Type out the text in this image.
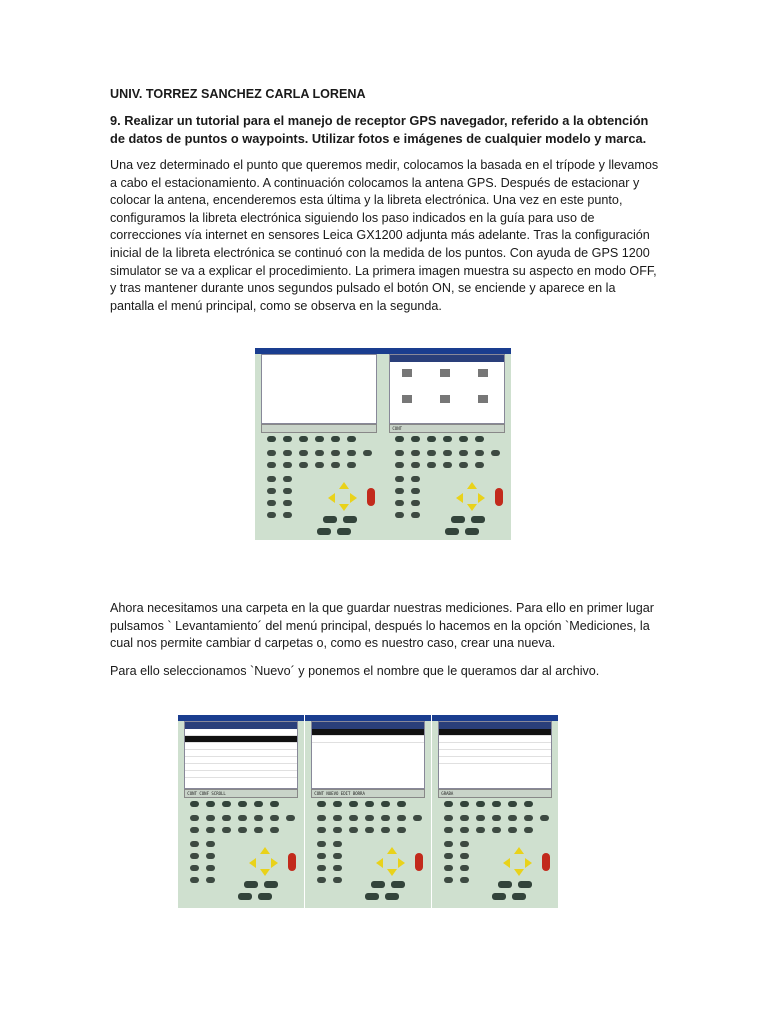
UNIV. TORREZ SANCHEZ CARLA LORENA
9. Realizar un tutorial para el manejo de receptor GPS navegador, referido a la obtención de datos de puntos o waypoints. Utilizar fotos e imágenes de cualquier modelo y marca.

Una vez determinado el punto que queremos medir, colocamos la basada en el trípode y llevamos a cabo el estacionamiento. A continuación colocamos la antena GPS. Después de estacionar y colocar la antena, encenderemos esta última y la libreta electrónica. Una vez en este punto, configuramos la libreta electrónica siguiendo los paso indicados en la guía para uso de correcciones vía internet en sensores Leica GX1200 adjunta más adelante. Tras la configuración inicial de la libreta electrónica se continuó con la medida de los puntos. Con ayuda de GPS 1200 simulator se va a explicar el procedimiento. La primera imagen muestra su aspecto en modo OFF, y tras mantener durante unos segundos pulsado el botón ON, se enciende y aparece en la pantalla el menú principal, como se observa en la segunda.

CONT

Ahora necesitamos una carpeta en la que guardar nuestras mediciones. Para ello en primer lugar pulsamos ` Levantamiento´ del menú principal, después lo hacemos en la opción `Mediciones, la cual nos permite cambiar d carpetas o, como es nuestro caso, crear una nueva.

Para ello seleccionamos `Nuevo´ y ponemos el nombre que le queramos dar al archivo.

CONT CONF SCROLL	CONT NUEVO EDIT BORRA	GRABA
